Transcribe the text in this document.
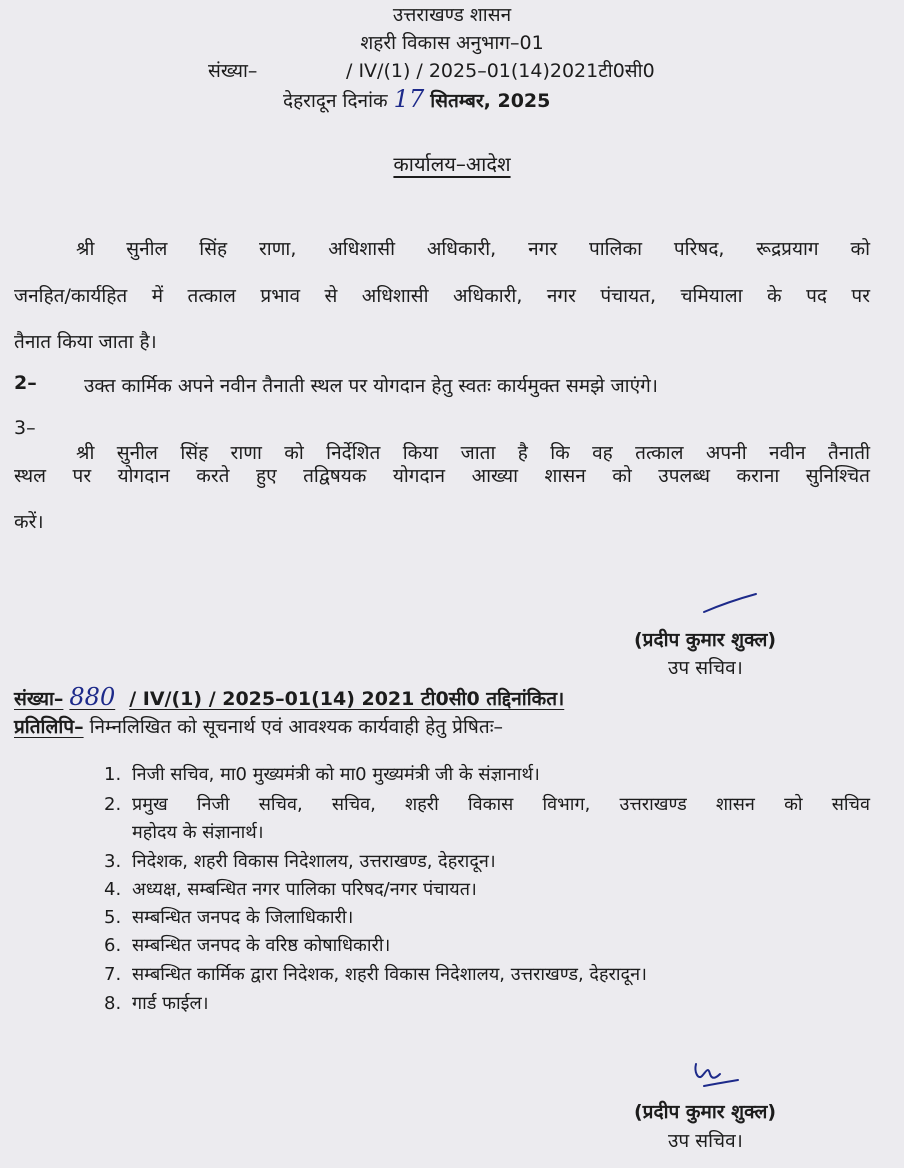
उत्तराखण्ड शासन
शहरी विकास अनुभाग–01
संख्या–	/ IV/(1) / 2025–01(14)2021टी0सी0
देहरादून दिनांक 17 सितम्बर, 2025
कार्यालय–आदेश
श्री सुनील सिंह राणा, अधिशासी अधिकारी, नगर पालिका परिषद, रूद्रप्रयाग को
जनहित/कार्यहित में तत्काल प्रभाव से अधिशासी अधिकारी, नगर पंचायत, चमियाला के पद पर
तैनात किया जाता है।
2– उक्त कार्मिक अपने नवीन तैनाती स्थल पर योगदान हेतु स्वतः कार्यमुक्त समझे जाएंगे।
3–
श्री सुनील सिंह राणा को निर्देशित किया जाता है कि वह तत्काल अपनी नवीन तैनाती
स्थल पर योगदान करते हुए तद्विषयक योगदान आख्या शासन को उपलब्ध कराना सुनिश्चित
करें।
(प्रदीप कुमार शुक्ल)
उप सचिव।
संख्या– 880 / IV/(1) / 2025–01(14) 2021 टी0सी0 तद्दिनांकित।
प्रतिलिपि– निम्नलिखित को सूचनार्थ एवं आवश्यक कार्यवाही हेतु प्रेषितः–
1. निजी सचिव, मा0 मुख्यमंत्री को मा0 मुख्यमंत्री जी के संज्ञानार्थ।
2. प्रमुख निजी सचिव, सचिव, शहरी विकास विभाग, उत्तराखण्ड शासन को सचिव
महोदय के संज्ञानार्थ।
3. निदेशक, शहरी विकास निदेशालय, उत्तराखण्ड, देहरादून।
4. अध्यक्ष, सम्बन्धित नगर पालिका परिषद/नगर पंचायत।
5. सम्बन्धित जनपद के जिलाधिकारी।
6. सम्बन्धित जनपद के वरिष्ठ कोषाधिकारी।
7. सम्बन्धित कार्मिक द्वारा निदेशक, शहरी विकास निदेशालय, उत्तराखण्ड, देहरादून।
8. गार्ड फाईल।
(प्रदीप कुमार शुक्ल)
उप सचिव।
